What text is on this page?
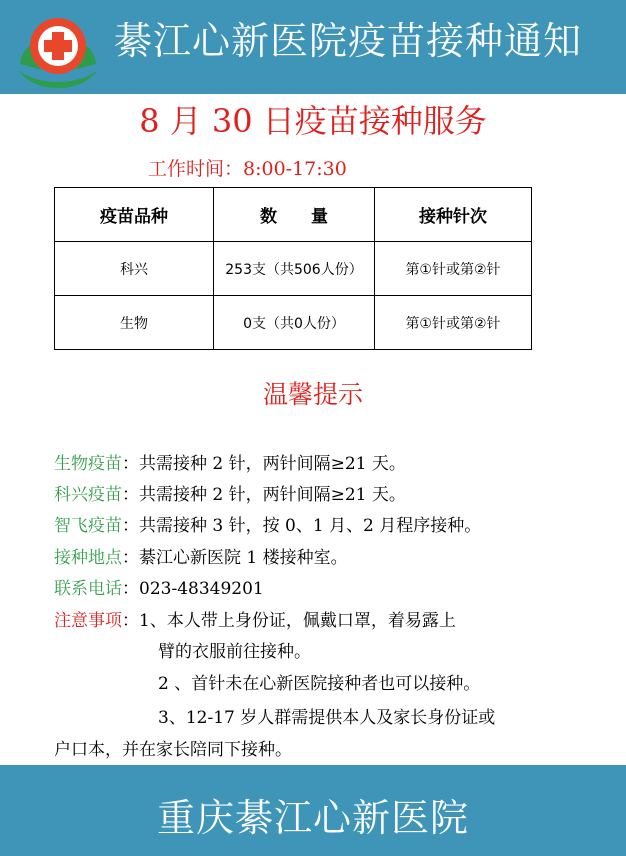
綦江心新医院疫苗接种通知
8 月 30 日疫苗接种服务
工作时间：8:00-17:30
疫苗品种	数　　量	接种针次
科兴	253支（共506人份）	第①针或第②针
生物	0支（共0人份）	第①针或第②针
温馨提示
生物疫苗：共需接种 2 针，两针间隔≥21 天。
科兴疫苗：共需接种 2 针，两针间隔≥21 天。
智飞疫苗：共需接种 3 针，按 0、1 月、2 月程序接种。
接种地点：綦江心新医院 1 楼接种室。
联系电话：023-48349201
注意事项：1、本人带上身份证，佩戴口罩，着易露上
臂的衣服前往接种。
2 、首针未在心新医院接种者也可以接种。
3、12-17 岁人群需提供本人及家长身份证或
户口本，并在家长陪同下接种。
重庆綦江心新医院
